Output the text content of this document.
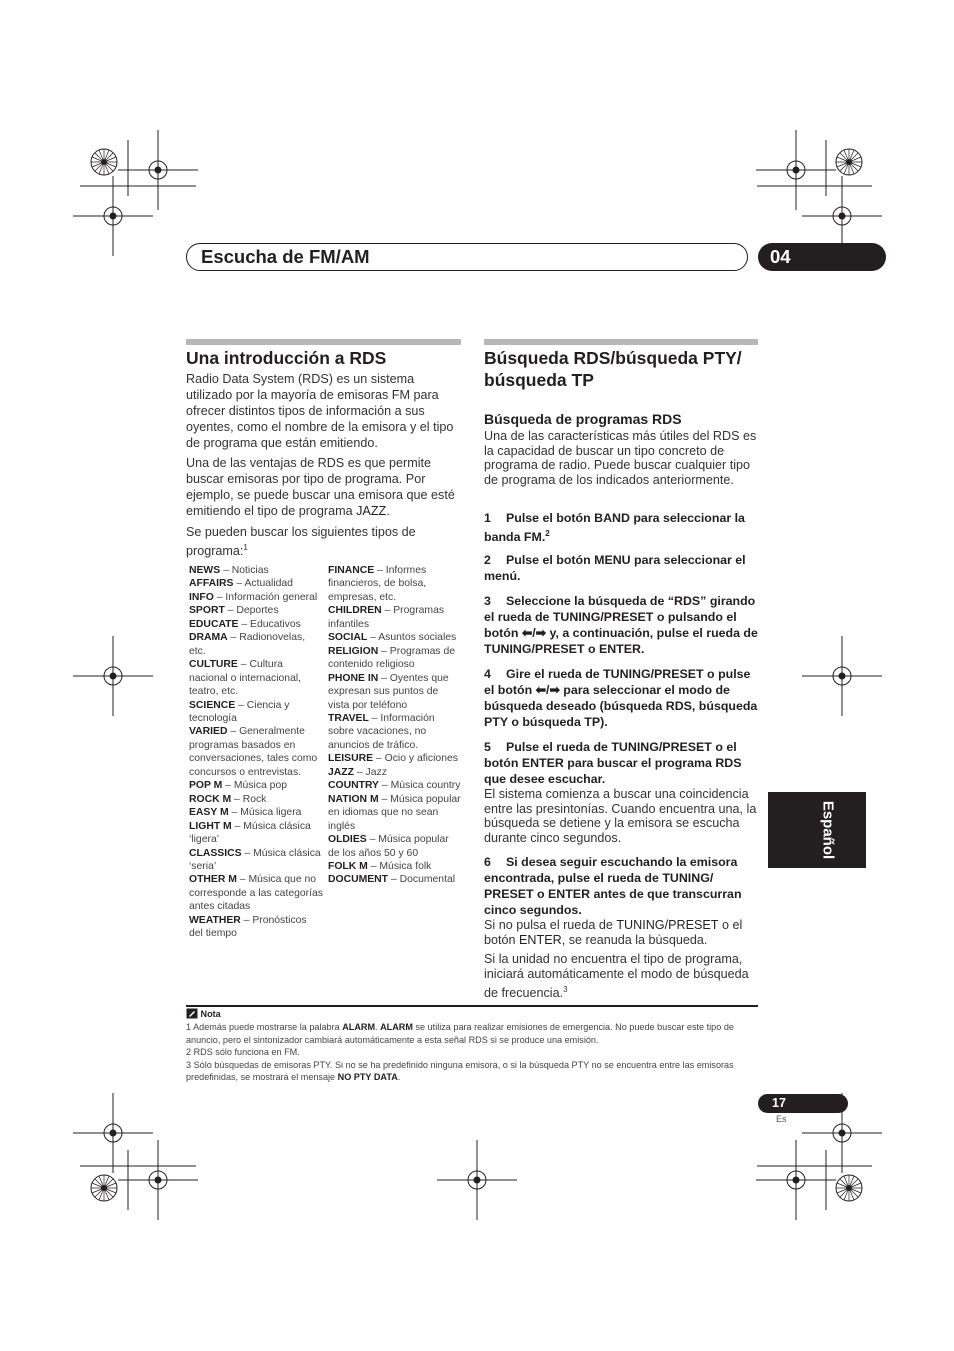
Escucha de FM/AM	04
Una introducción a RDS

Radio Data System (RDS) es un sistema utilizado por la mayoría de emisoras FM para ofrecer distintos tipos de información a sus oyentes, como el nombre de la emisora y el tipo de programa que están emitiendo.

Una de las ventajas de RDS es que permite buscar emisoras por tipo de programa. Por ejemplo, se puede buscar una emisora que esté emitiendo el tipo de programa JAZZ.

Se pueden buscar los siguientes tipos de programa:$^1$

NEWS – Noticias
AFFAIRS – Actualidad
INFO – Información general
SPORT – Deportes
EDUCATE – Educativos
DRAMA – Radionovelas, etc.
CULTURE – Cultura nacional o internacional, teatro, etc.
SCIENCE – Ciencia y tecnología
VARIED – Generalmente programas basados en conversaciones, tales como concursos o entrevistas.
POP M – Música pop
ROCK M – Rock
EASY M – Música ligera
LIGHT M – Música clásica ‘ligera’
CLASSICS – Música clásica ‘seria’
OTHER M – Música que no corresponde a las categorías antes citadas
WEATHER – Pronósticos del tiempo
FINANCE – Informes financieros, de bolsa, empresas, etc.
CHILDREN – Programas infantiles
SOCIAL – Asuntos sociales
RELIGION – Programas de contenido religioso
PHONE IN – Oyentes que expresan sus puntos de vista por teléfono
TRAVEL – Información sobre vacaciones, no anuncios de tráfico.
LEISURE – Ocio y aficiones
JAZZ – Jazz
COUNTRY – Música country
NATION M – Música popular en idiomas que no sean inglés
OLDIES – Música popular de los años 50 y 60
FOLK M – Música folk
DOCUMENT – Documental
Búsqueda RDS/búsqueda PTY/
búsqueda TP
Búsqueda de programas RDS
Una de las características más útiles del RDS es la capacidad de buscar un tipo concreto de programa de radio. Puede buscar cualquier tipo de programa de los indicados anteriormente.
1 Pulse el botón BAND para seleccionar la banda FM.$^2$
2 Pulse el botón MENU para seleccionar el menú.
3 Seleccione la búsqueda de “RDS” girando el rueda de TUNING/PRESET o pulsando el botón ⬅/➡ y, a continuación, pulse el rueda de TUNING/PRESET o ENTER.
4 Gire el rueda de TUNING/PRESET o pulse el botón ⬅/➡ para seleccionar el modo de búsqueda deseado (búsqueda RDS, búsqueda PTY o búsqueda TP).
5 Pulse el rueda de TUNING/PRESET o el botón ENTER para buscar el programa RDS que desee escuchar.
El sistema comienza a buscar una coincidencia entre las presintonías. Cuando encuentra una, la búsqueda se detiene y la emisora se escucha durante cinco segundos.
6 Si desea seguir escuchando la emisora encontrada, pulse el rueda de TUNING/ PRESET o ENTER antes de que transcurran cinco segundos.
Si no pulsa el rueda de TUNING/PRESET o el botón ENTER, se reanuda la búsqueda.
Si la unidad no encuentra el tipo de programa, iniciará automáticamente el modo de búsqueda de frecuencia.$^3$
Español
Nota
1 Además puede mostrarse la palabra ALARM. ALARM se utiliza para realizar emisiones de emergencia. No puede buscar este tipo de anuncio, pero el sintonizador cambiará automáticamente a esta señal RDS si se produce una emisión.
2 RDS sólo funciona en FM.
3 Sólo búsquedas de emisoras PTY. Si no se ha predefinido ninguna emisora, o si la búsqueda PTY no se encuentra entre las emisoras predefinidas, se mostrará el mensaje NO PTY DATA.
17
Es
